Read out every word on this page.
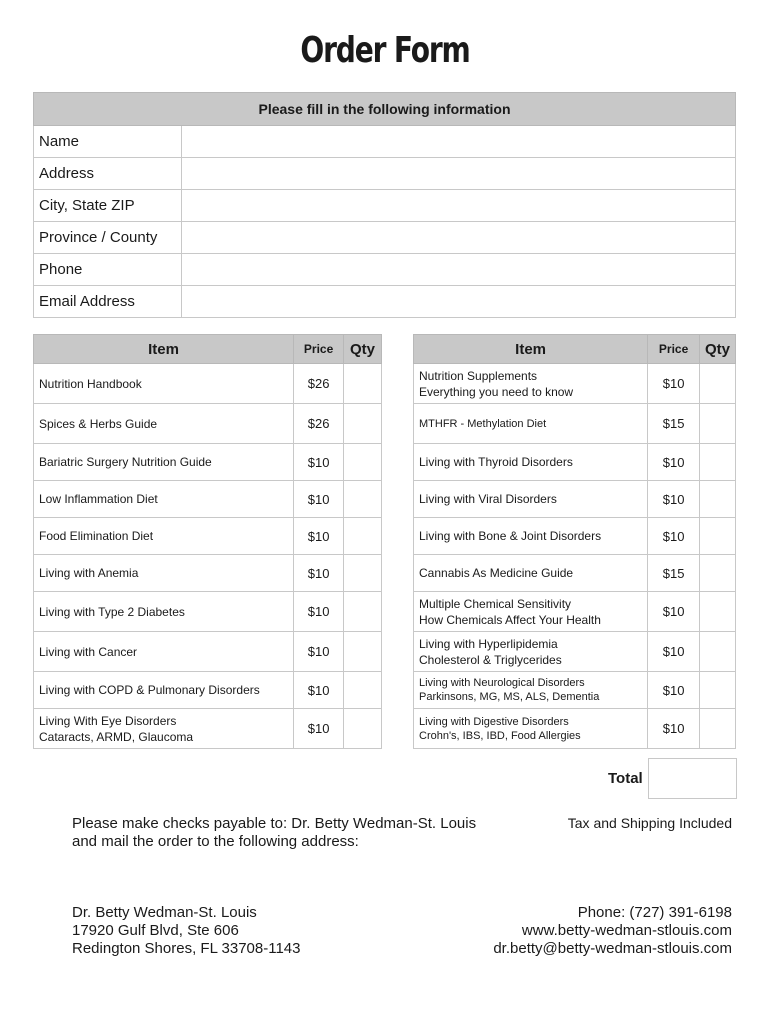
Order Form
Please fill in the following information	
Name	
Address	
City, State ZIP	
Province / County	
Phone	
Email Address	
Item	Price	Qty
Nutrition Handbook	$26	
Spices & Herbs Guide	$26	
Bariatric Surgery Nutrition Guide	$10	
Low Inflammation Diet	$10	
Food Elimination Diet	$10	
Living with Anemia	$10	
Living with Type 2 Diabetes	$10	
Living with Cancer	$10	
Living with COPD & Pulmonary Disorders	$10	
Living With Eye Disorders
Cataracts, ARMD, Glaucoma	$10	
Item	Price	Qty
Nutrition Supplements
Everything you need to know	$10	
MTHFR - Methylation Diet	$15	
Living with Thyroid Disorders	$10	
Living with Viral Disorders	$10	
Living with Bone & Joint Disorders	$10	
Cannabis As Medicine Guide	$15	
Multiple Chemical Sensitivity
How Chemicals Affect Your Health	$10	
Living with Hyperlipidemia
Cholesterol & Triglycerides	$10	
Living with Neurological Disorders
Parkinsons, MG, MS, ALS, Dementia	$10	
Living with Digestive Disorders
Crohn's, IBS, IBD, Food Allergies	$10	
Total
Please make checks payable to: Dr. Betty Wedman-St. Louis
and mail the order to the following address:
Tax and Shipping Included
Dr. Betty Wedman-St. Louis
17920 Gulf Blvd, Ste 606
Redington Shores, FL 33708-1143
Phone: (727) 391-6198
www.betty-wedman-stlouis.com
dr.betty@betty-wedman-stlouis.com
